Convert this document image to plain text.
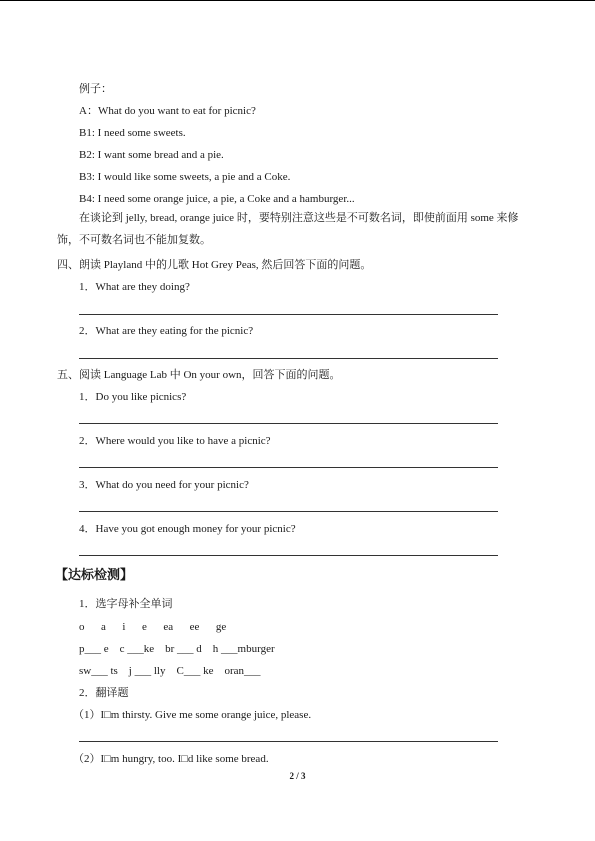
例子：
A：What do you want to eat for picnic?
B1: I need some sweets.
B2: I want some bread and a pie.
B3: I would like some sweets, a pie and a Coke.
B4: I need some orange juice, a pie, a Coke and a hamburger...
在谈论到 jelly, bread, orange juice 时，要特别注意这些是不可数名词，即使前面用 some 来修饰，不可数名词也不能加复数。
四、朗读 Playland 中的儿歌 Hot Grey Peas, 然后回答下面的问题。
1．What are they doing?
2．What are they eating for the picnic?
五、阅读 Language Lab 中 On your own，回答下面的问题。
1．Do you like picnics?
2．Where would you like to have a picnic?
3．What do you need for your picnic?
4．Have you got enough money for your picnic?
【达标检测】
1．选字母补全单词
o      a      i      e      ea      ee      ge
p___ e    c ___ke    br ___ d    h ___mburger
sw___ ts    j ___ lly    C___ ke    oran___
2．翻译题
（1）I□m thirsty. Give me some orange juice, please.
（2）I□m hungry, too. I□d like some bread.
2 / 3
